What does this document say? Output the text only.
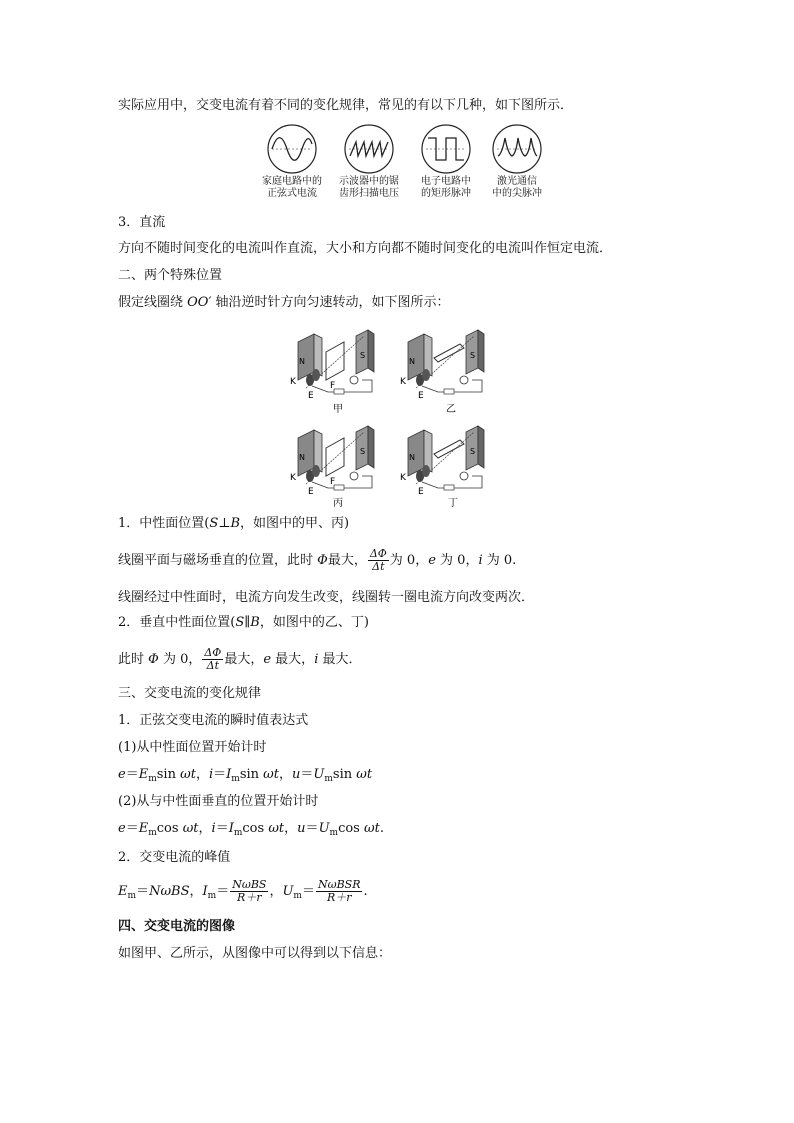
实际应用中，交变电流有着不同的变化规律，常见的有以下几种，如下图所示．
家庭电路中的
正弦式电流
示波器中的锯
齿形扫描电压
电子电路中
的矩形脉冲
激光通信
中的尖脉冲
3．直流
方向不随时间变化的电流叫作直流，大小和方向都不随时间变化的电流叫作恒定电流．
二、两个特殊位置
假定线圈绕 OO′ 轴沿逆时针方向匀速转动，如下图所示：
N
S
K
E
F
甲
N
S
K
E
乙
N
S
K
E
F
丙
N
S
K
E
丁
1．中性面位置(S⊥B，如图中的甲、丙)
线圈平面与磁场垂直的位置，此时 Φ最大， $\frac{\Delta\Phi}{\Delta t}$ 为 0，e 为 0，i 为 0.
线圈经过中性面时，电流方向发生改变，线圈转一圈电流方向改变两次．
2．垂直中性面位置(S∥B，如图中的乙、丁)
此时 Φ 为 0， $\frac{\Delta\Phi}{\Delta t}$ 最大，e 最大，i 最大．
三、交变电流的变化规律
1．正弦交变电流的瞬时值表达式
(1)从中性面位置开始计时
$e=E_m\sin$ ωt，$i=I_m\sin$ ωt，$u=U_m\sin$ ωt
(2)从与中性面垂直的位置开始计时
$e=E_m\cos$ ωt，$i=I_m\cos$ ωt，$u=U_m\cos$ ωt.
2．交变电流的峰值
$E_m=N\omega BS$，$I_m= \frac{\text{NωBS}}{R+r}$ ，$U_m= \frac{\text{NωBSR}}{R+r}$ .
四、交变电流的图像
如图甲、乙所示，从图像中可以得到以下信息：
